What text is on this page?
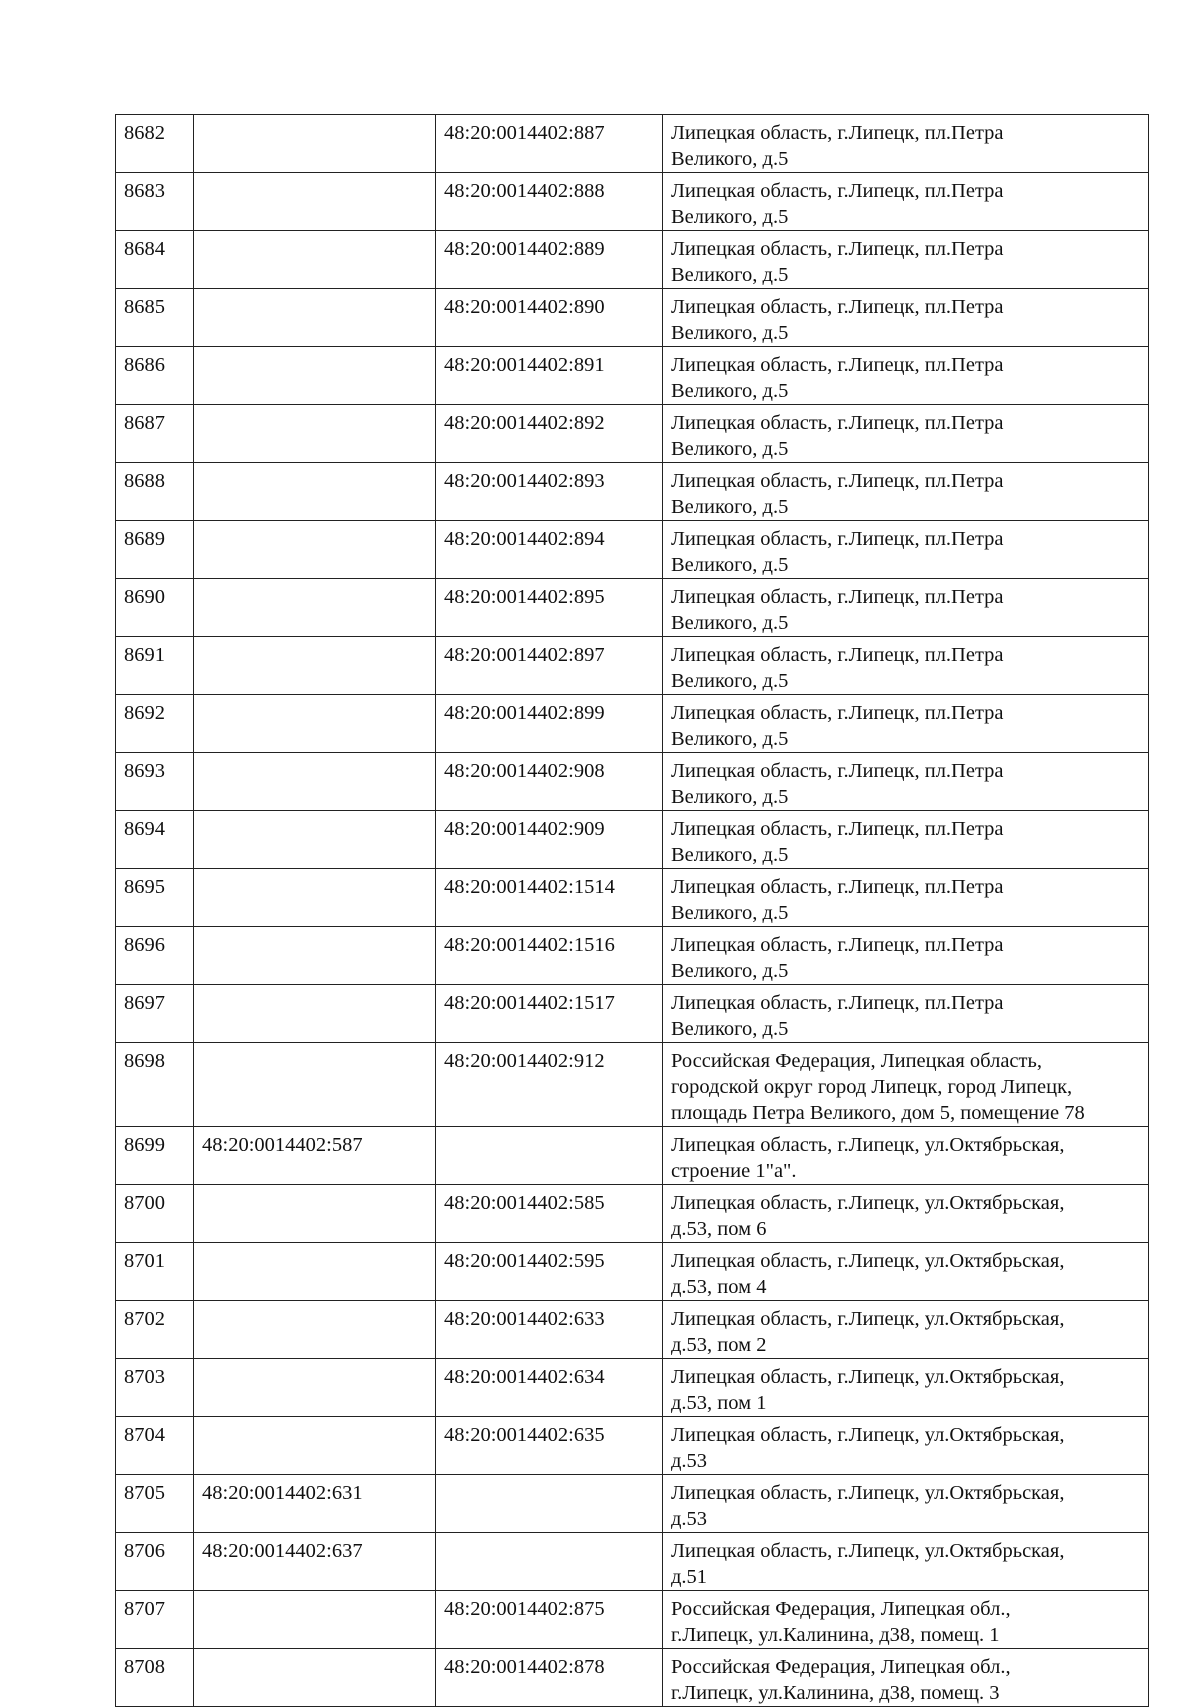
8682		48:20:0014402:887	Липецкая область, г.Липецк, пл.Петра
Великого, д.5

8683		48:20:0014402:888	Липецкая область, г.Липецк, пл.Петра
Великого, д.5

8684		48:20:0014402:889	Липецкая область, г.Липецк, пл.Петра
Великого, д.5

8685		48:20:0014402:890	Липецкая область, г.Липецк, пл.Петра
Великого, д.5

8686		48:20:0014402:891	Липецкая область, г.Липецк, пл.Петра
Великого, д.5

8687		48:20:0014402:892	Липецкая область, г.Липецк, пл.Петра
Великого, д.5

8688		48:20:0014402:893	Липецкая область, г.Липецк, пл.Петра
Великого, д.5

8689		48:20:0014402:894	Липецкая область, г.Липецк, пл.Петра
Великого, д.5

8690		48:20:0014402:895	Липецкая область, г.Липецк, пл.Петра
Великого, д.5

8691		48:20:0014402:897	Липецкая область, г.Липецк, пл.Петра
Великого, д.5

8692		48:20:0014402:899	Липецкая область, г.Липецк, пл.Петра
Великого, д.5

8693		48:20:0014402:908	Липецкая область, г.Липецк, пл.Петра
Великого, д.5

8694		48:20:0014402:909	Липецкая область, г.Липецк, пл.Петра
Великого, д.5

8695		48:20:0014402:1514	Липецкая область, г.Липецк, пл.Петра
Великого, д.5

8696		48:20:0014402:1516	Липецкая область, г.Липецк, пл.Петра
Великого, д.5

8697		48:20:0014402:1517	Липецкая область, г.Липецк, пл.Петра
Великого, д.5

8698		48:20:0014402:912	Российская Федерация, Липецкая область,
городской округ город Липецк, город Липецк,
площадь Петра Великого, дом 5, помещение 78

8699	48:20:0014402:587		Липецкая область, г.Липецк, ул.Октябрьская,
строение 1"а".

8700		48:20:0014402:585	Липецкая область, г.Липецк, ул.Октябрьская,
д.53, пом 6

8701		48:20:0014402:595	Липецкая область, г.Липецк, ул.Октябрьская,
д.53, пом 4

8702		48:20:0014402:633	Липецкая область, г.Липецк, ул.Октябрьская,
д.53, пом 2

8703		48:20:0014402:634	Липецкая область, г.Липецк, ул.Октябрьская,
д.53, пом 1

8704		48:20:0014402:635	Липецкая область, г.Липецк, ул.Октябрьская,
д.53

8705	48:20:0014402:631		Липецкая область, г.Липецк, ул.Октябрьская,
д.53

8706	48:20:0014402:637		Липецкая область, г.Липецк, ул.Октябрьская,
д.51

8707		48:20:0014402:875	Российская Федерация, Липецкая обл.,
г.Липецк, ул.Калинина, д38, помещ. 1

8708		48:20:0014402:878	Российская Федерация, Липецкая обл.,
г.Липецк, ул.Калинина, д38, помещ. 3
